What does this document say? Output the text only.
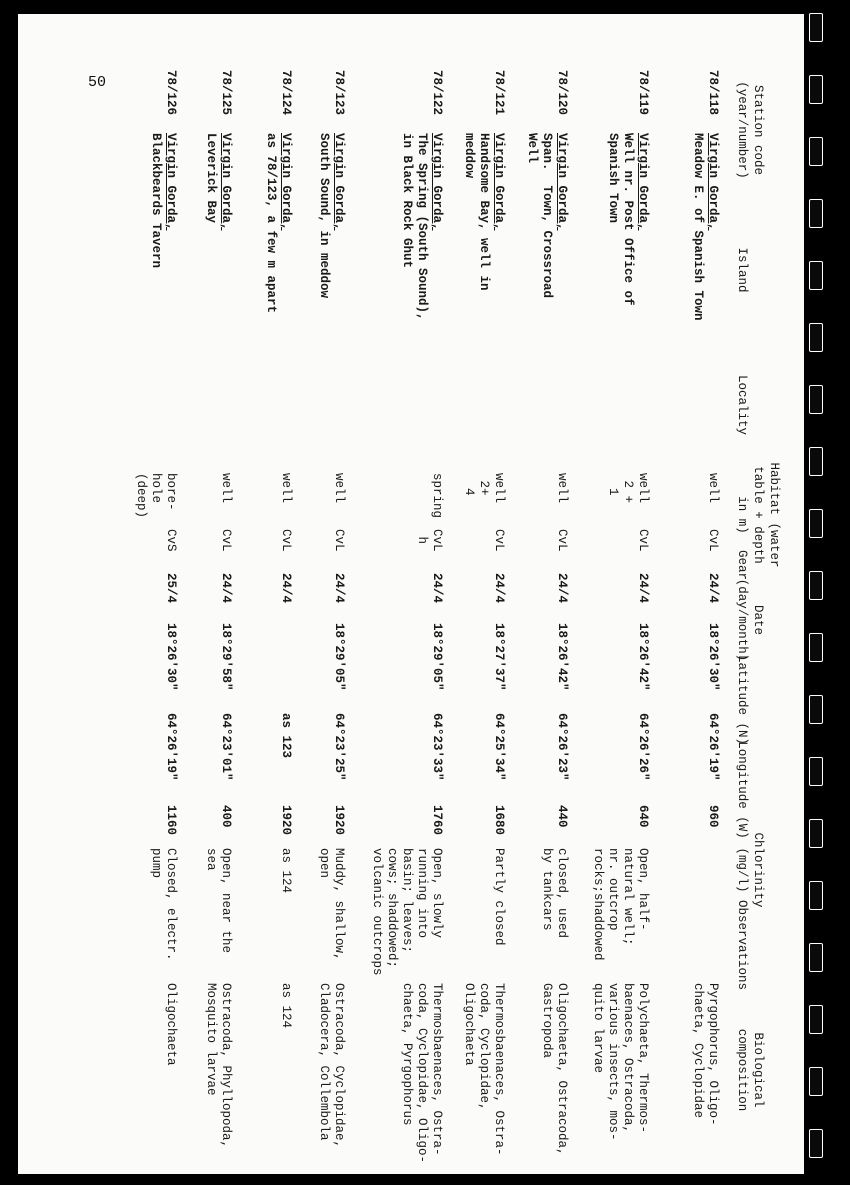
50
Station code
(year/number)
Island
Locality
Habitat (water
table + depth
in m)
Gear
Date
(day/month)
Latitude (N)
Longitude (W)
Chlorinity
(mg/l)
Observations
Biological
composition
78/118
Virgin Gorda,
Meadow E. of Spanish Town
well
CvL
24/4
18°26'30"
64°26'19"
960
Pyrgophorus, Oligo-
chaeta, Cyclopidae
78/119
Virgin Gorda,
Well nr. Post Office of
Spanish Town
well
2 +
1
CvL
24/4
18°26'42"
64°26'26"
640
Open, half-
natural well;
nr. outcrop
rocks;shaddowed
Polychaeta, Thermos-
baenaces, Ostracoda,
various insects, mos-
quito larvae
78/120
Virgin Gorda,
Span.  Town, Crossroad
Well
well
CvL
24/4
18°26'42"
64°26'23"
440
closed, used
by tankcars
Oligochaeta, Ostracoda,
Gastropoda
78/121
Virgin Gorda,
Handsome Bay, well in
meddow
well
2+
4
CvL
24/4
18°27'37"
64°25'34"
1680
Partly closed
Thermosbaenaces, Ostra-
coda, Cyclopidae,
Oligochaeta
78/122
Virgin Gorda,
The Spring (South Sound),
in Black Rock Ghut
spring
CvL
h
24/4
18°29'05"
64°23'33"
1760
Open, slowly
running into
basin; leaves;
cows; shaddowed;
volcanic outcrops
Thermosbaenaces, Ostra-
coda, Cyclopidae, Oligo-
chaeta, Pyrgophorus
78/123
Virgin Gorda,
South Sound, in meddow
well
CvL
24/4
18°29'05"
64°23'25"
1920
Muddy, shallow,
open
Ostracoda, Cyclopidae,
Cladocera, Collembola
78/124
Virgin Gorda,
as 78/123, a few m apart
well
CvL
24/4
as 123
1920
as 124
as 124
78/125
Virgin Gorda,
Leverick Bay
well
CvL
24/4
18°29'58"
64°23'01"
400
Open, near the
sea
Ostracoda, Phyllopoda,
Mosquito larvae
78/126
Virgin Gorda,
Blackbeards Tavern
bore-
hole
(deep)
CvS
25/4
18°26'30"
64°26'19"
1160
Closed, electr.
pump
Oligochaeta
